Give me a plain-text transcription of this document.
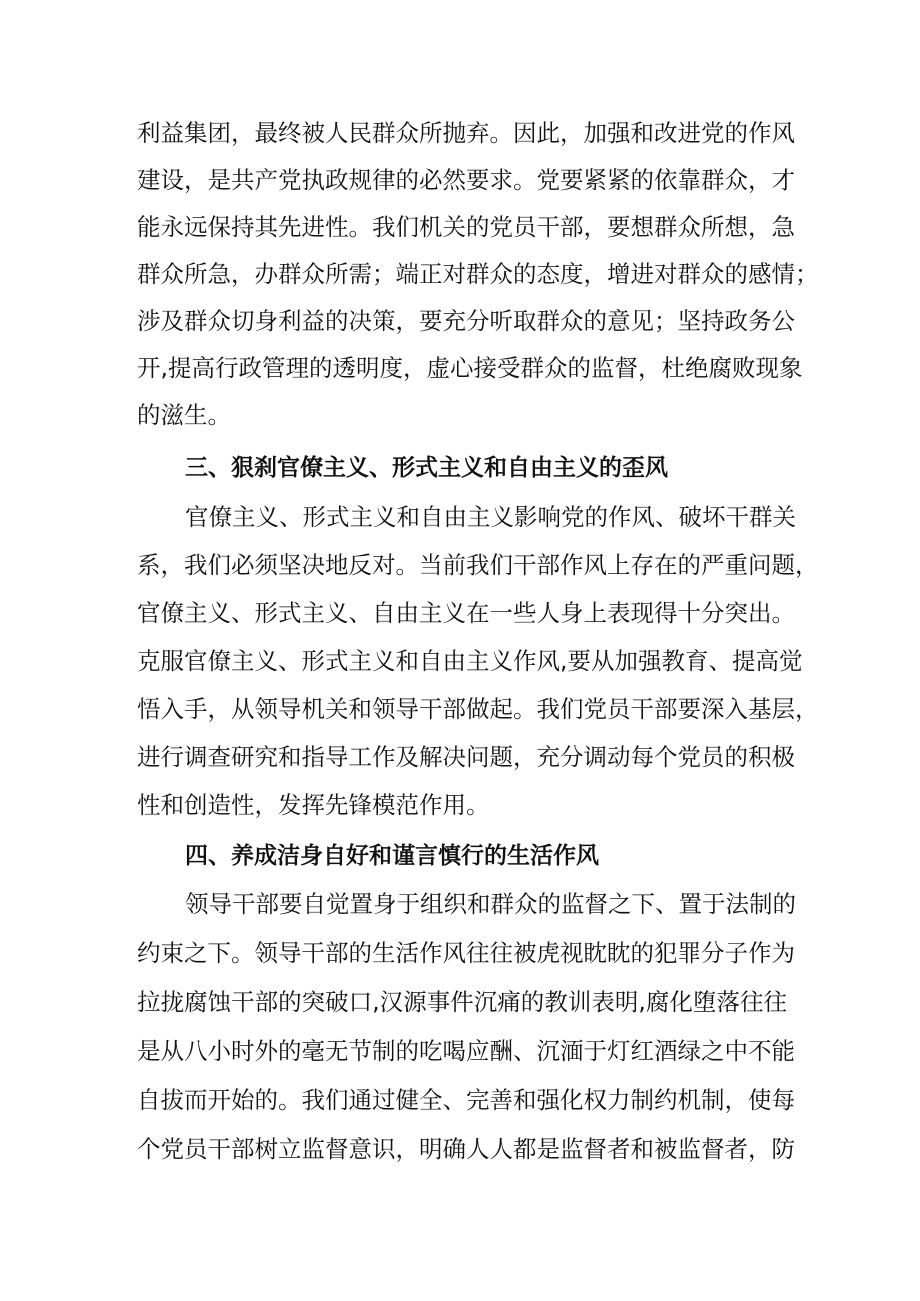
利益集团，最终被人民群众所抛弃。因此，加强和改进党的作风
建设，是共产党执政规律的必然要求。党要紧紧的依靠群众，才
能永远保持其先进性。我们机关的党员干部，要想群众所想，急
群众所急，办群众所需；端正对群众的态度，增进对群众的感情；
涉及群众切身利益的决策，要充分听取群众的意见；坚持政务公
开,提高行政管理的透明度，虚心接受群众的监督，杜绝腐败现象
的滋生。
三、狠刹官僚主义、形式主义和自由主义的歪风
官僚主义、形式主义和自由主义影响党的作风、破坏干群关
系，我们必须坚决地反对。当前我们干部作风上存在的严重问题，
官僚主义、形式主义、自由主义在一些人身上表现得十分突出。
克服官僚主义、形式主义和自由主义作风,要从加强教育、提高觉
悟入手，从领导机关和领导干部做起。我们党员干部要深入基层，
进行调查研究和指导工作及解决问题，充分调动每个党员的积极
性和创造性，发挥先锋模范作用。
四、养成洁身自好和谨言慎行的生活作风
领导干部要自觉置身于组织和群众的监督之下、置于法制的
约束之下。领导干部的生活作风往往被虎视眈眈的犯罪分子作为
拉拢腐蚀干部的突破口,汉源事件沉痛的教训表明,腐化堕落往往
是从八小时外的毫无节制的吃喝应酬、沉湎于灯红酒绿之中不能
自拔而开始的。我们通过健全、完善和强化权力制约机制，使每
个党员干部树立监督意识，明确人人都是监督者和被监督者，防
